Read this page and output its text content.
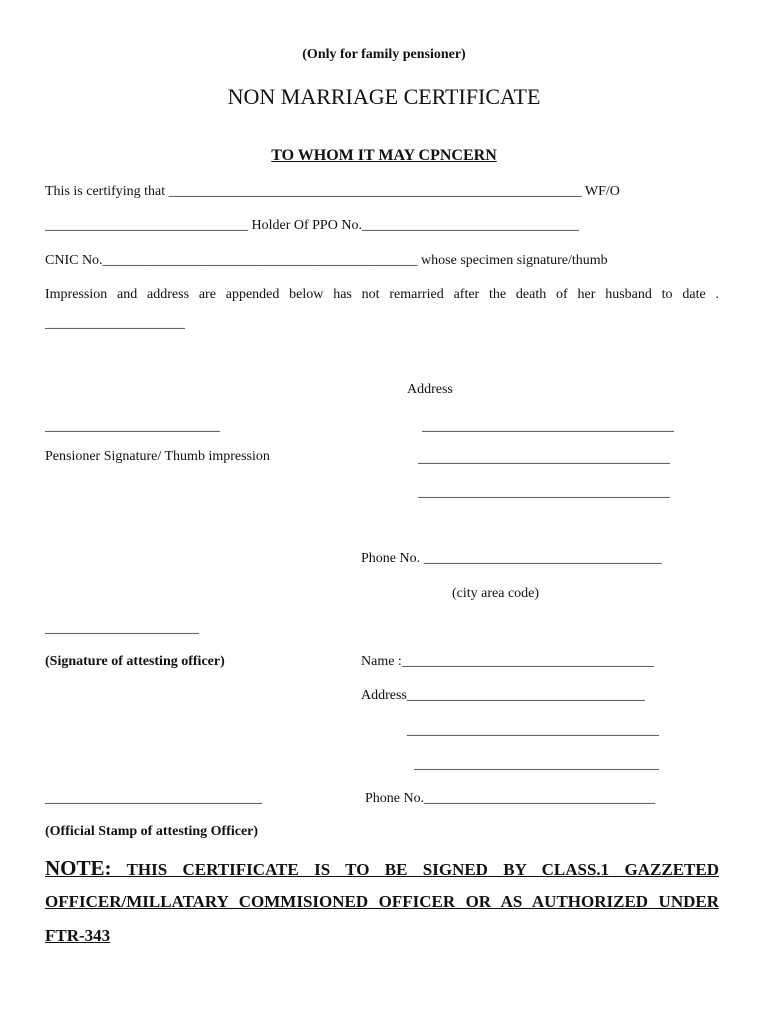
(Only for family pensioner)
NON MARRIAGE CERTIFICATE
TO WHOM IT MAY CPNCERN
This is certifying that ___________________________________________________________ WF/O
_____________________________ Holder Of PPO No._______________________________
CNIC No._____________________________________________ whose specimen signature/thumb
Impression and address are appended below has not remarried after the death of her husband to date .
____________________
Address
_________________________	____________________________________
Pensioner Signature/ Thumb impression	____________________________________
____________________________________
Phone No. __________________________________
(city area code)
______________________
(Signature of attesting officer)	Name :____________________________________
Address__________________________________
____________________________________
___________________________________
_______________________________	Phone No._________________________________
(Official Stamp of attesting Officer)
NOTE: THIS CERTIFICATE IS TO BE SIGNED BY CLASS.1 GAZZETED
OFFICER/MILLATARY COMMISIONED OFFICER OR AS AUTHORIZED UNDER
FTR-343
